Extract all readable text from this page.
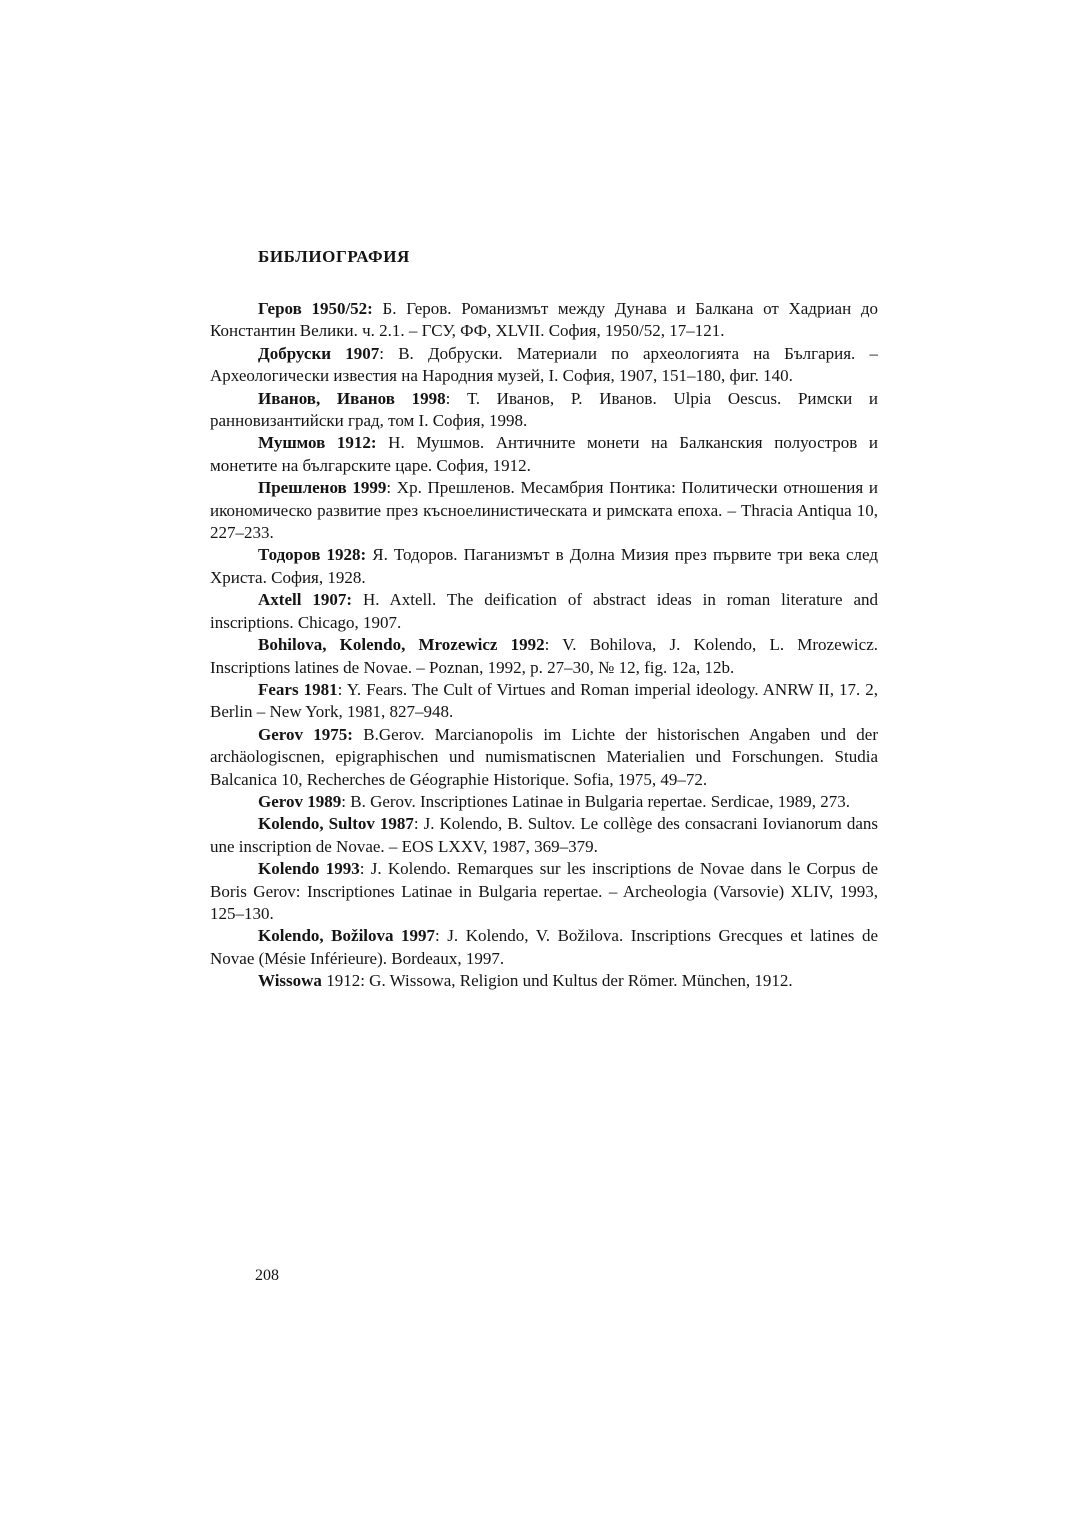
БИБЛИОГРАФИЯ

Геров 1950/52: Б. Геров. Романизмът между Дунава и Балкана от Хадриан до Константин Велики. ч. 2.1. – ГСУ, ФФ, XLVII. София, 1950/52, 17–121.

Добруски 1907: В. Добруски. Материали по археологията на България. – Археологически известия на Народния музей, I. София, 1907, 151–180, фиг. 140.

Иванов, Иванов 1998: Т. Иванов, Р. Иванов. Ulpia Oescus. Римски и ранновизантийски град, том I. София, 1998.

Мушмов 1912: Н. Мушмов. Античните монети на Балканския полуостров и монетите на българските царе. София, 1912.

Прешленов 1999: Хр. Прешленов. Месамбрия Понтика: Политически отношения и икономическо развитие през късноелинистическата и римската епоха. – Thracia Antiqua 10, 227–233.

Тодоров 1928: Я. Тодоров. Паганизмът в Долна Мизия през първите три века след Христа. София, 1928.

Axtell 1907: H. Axtell. The deification of abstract ideas in roman literature and inscriptions. Chicago, 1907.

Bohilova, Kolendo, Mrozewicz 1992: V. Bohilova, J. Kolendo, L. Mrozewicz. Inscriptions latines de Novae. – Poznan, 1992, p. 27–30, № 12, fig. 12a, 12b.

Fears 1981: Y. Fears. The Cult of Virtues and Roman imperial ideology. ANRW II, 17. 2, Berlin – New York, 1981, 827–948.

Gerov 1975: B.Gerov. Marcianopolis im Lichte der historischen Angaben und der archäologiscnen, epigraphischen und numismatiscnen Materialien und Forschungen. Studia Balcanica 10, Recherches de Géographie Historique. Sofia, 1975, 49–72.

Gerov 1989: B. Gerov. Inscriptiones Latinae in Bulgaria repertae. Serdicae, 1989, 273.

Kolendo, Sultov 1987: J. Kolendo, B. Sultov. Le collège des consacrani Iovianorum dans une inscription de Novae. – EOS LXXV, 1987, 369–379.

Kolendo 1993: J. Kolendo. Remarques sur les inscriptions de Novae dans le Corpus de Boris Gerov: Inscriptiones Latinae in Bulgaria repertae. – Archeologia (Varsovie) XLIV, 1993, 125–130.

Kolendo, Božilova 1997: J. Kolendo, V. Božilova. Inscriptions Grecques et latines de Novae (Mésie Inférieure). Bordeaux, 1997.

Wissowa 1912: G. Wissowa, Religion und Kultus der Römer. München, 1912.

208
